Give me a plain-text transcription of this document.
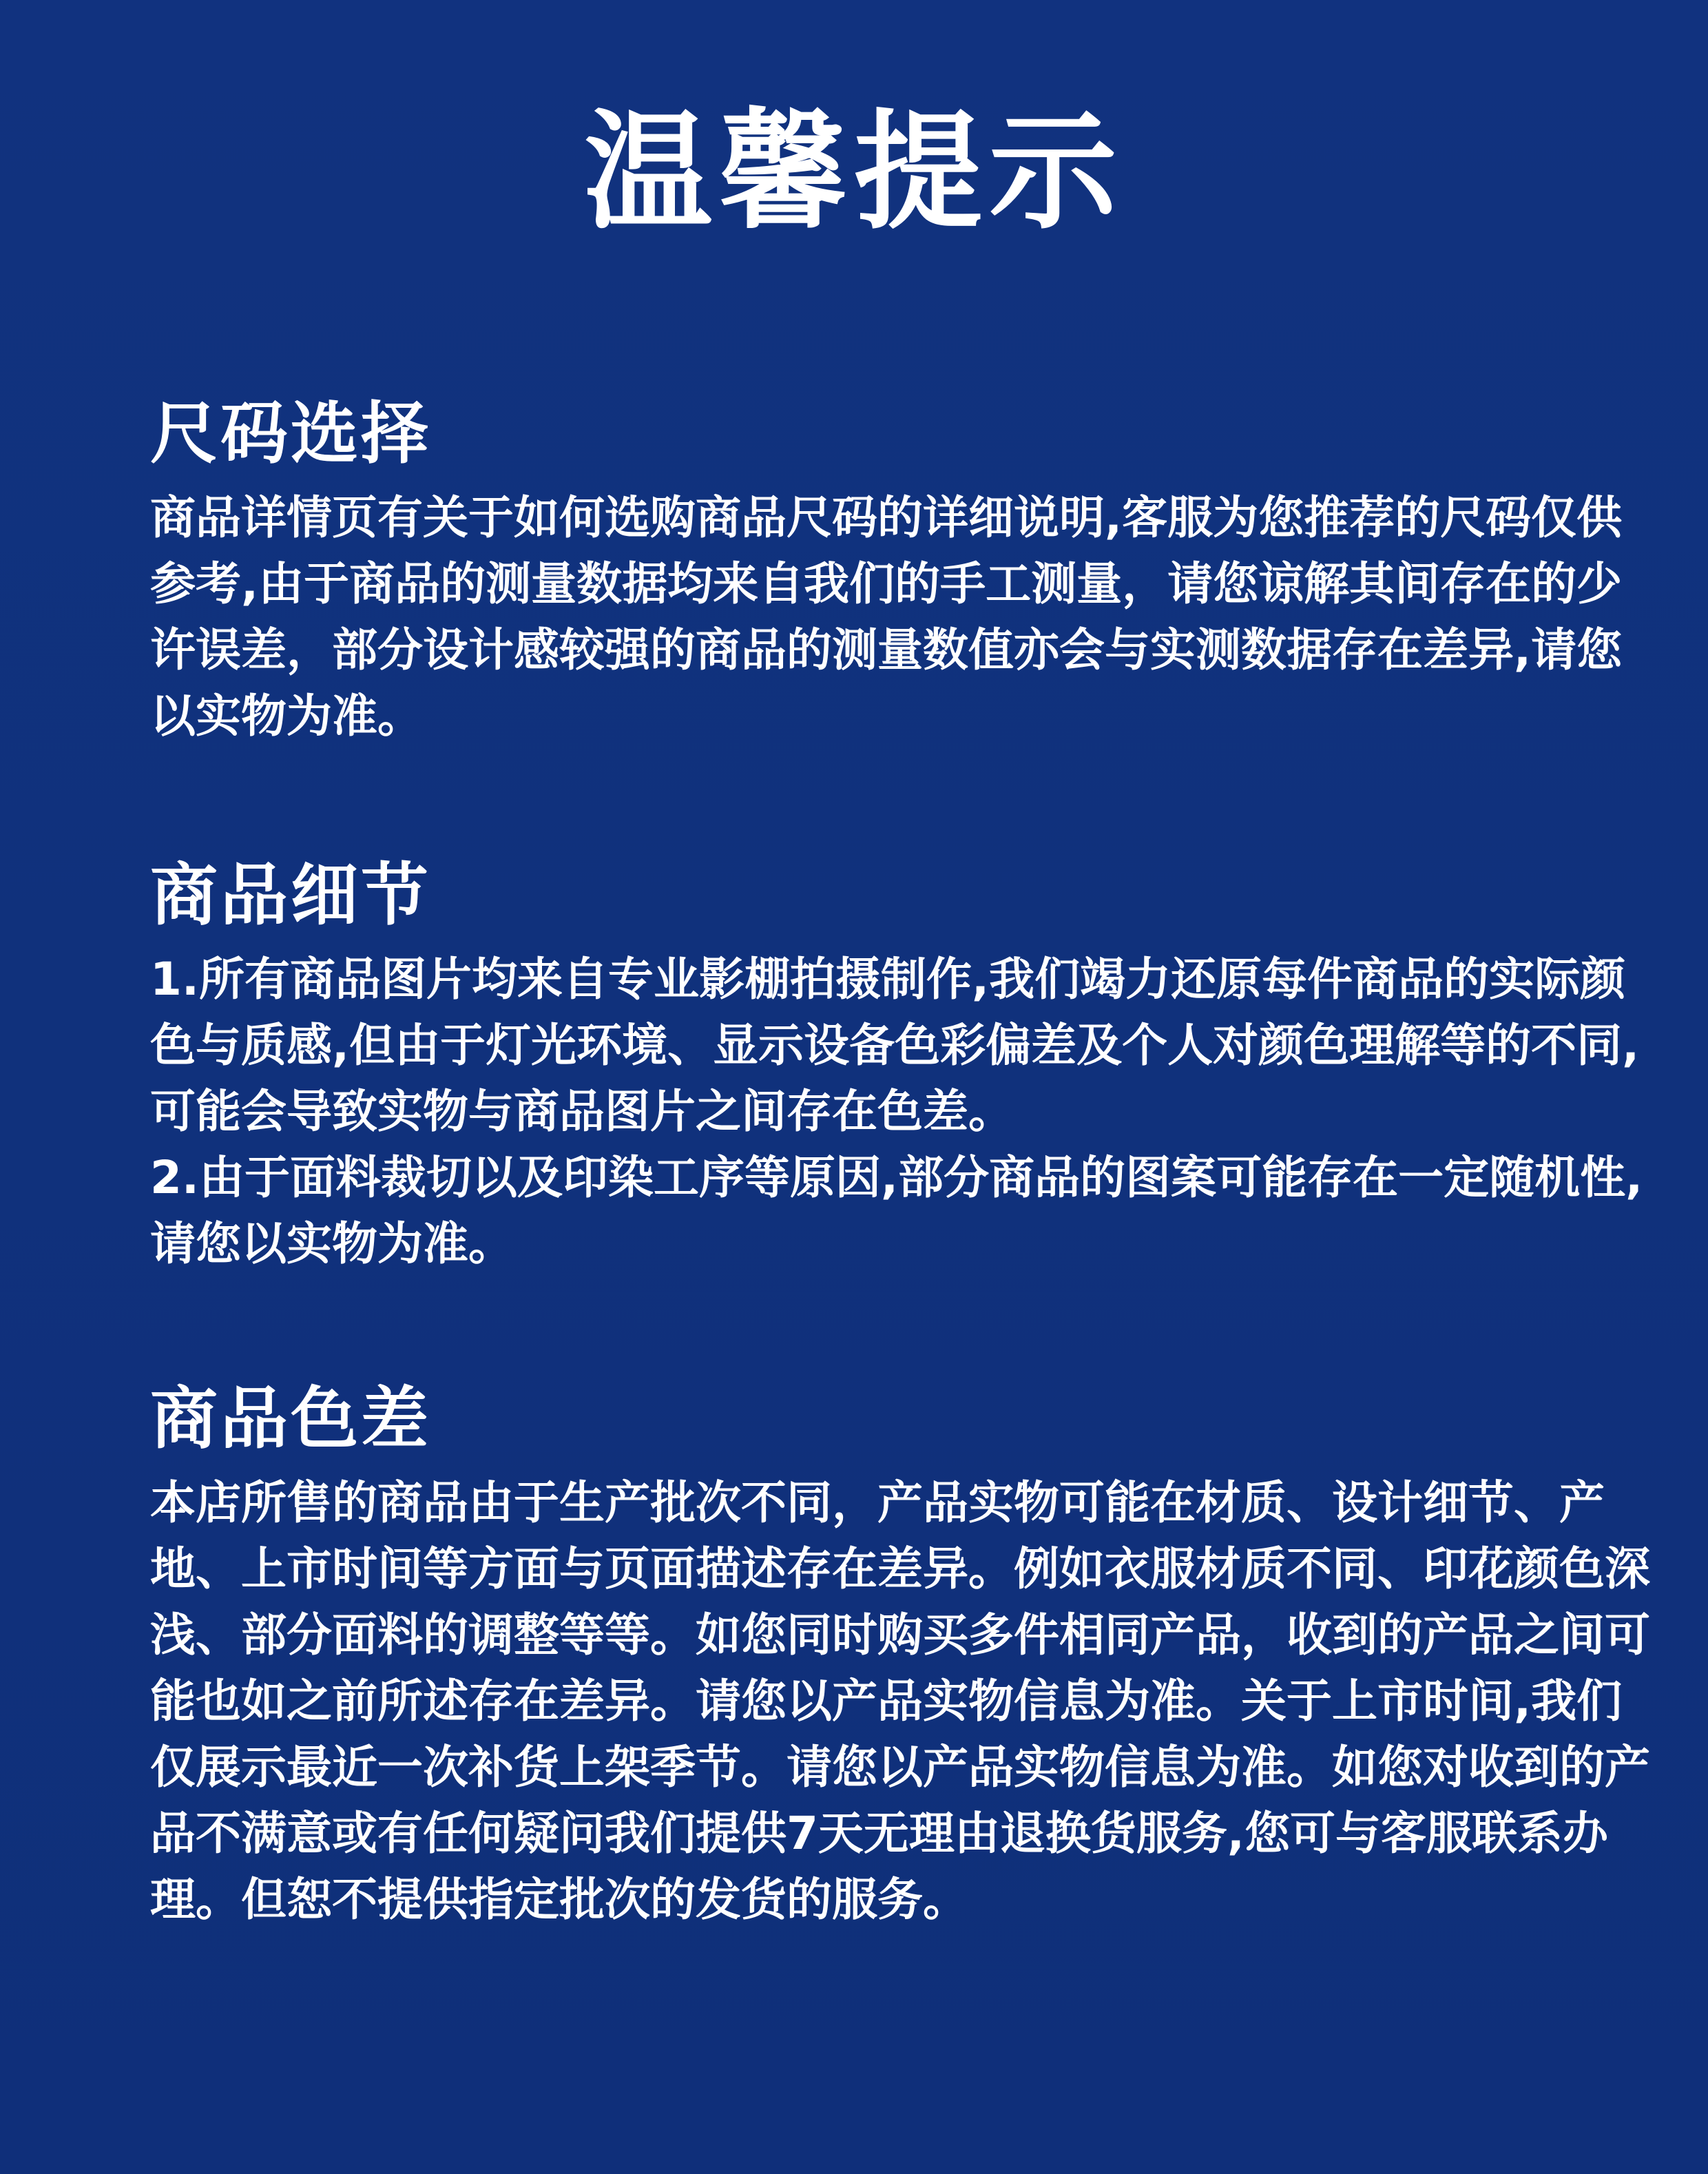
温馨提示
尺码选择

商品详情页有关于如何选购商品尺码的详细说明,客服为您推荐的尺码仅供参考,由于商品的测量数据均来自我们的手工测量，请您谅解其间存在的少许误差，部分设计感较强的商品的测量数值亦会与实测数据存在差异,请您以实物为准。

商品细节

1.所有商品图片均来自专业影棚拍摄制作,我们竭力还原每件商品的实际颜色与质感,但由于灯光环境、显示设备色彩偏差及个人对颜色理解等的不同,可能会导致实物与商品图片之间存在色差。
2.由于面料裁切以及印染工序等原因,部分商品的图案可能存在一定随机性,请您以实物为准。

商品色差

本店所售的商品由于生产批次不同，产品实物可能在材质、设计细节、产地、上市时间等方面与页面描述存在差异。例如衣服材质不同、印花颜色深浅、部分面料的调整等等。如您同时购买多件相同产品，收到的产品之间可能也如之前所述存在差异。请您以产品实物信息为准。关于上市时间,我们仅展示最近一次补货上架季节。请您以产品实物信息为准。如您对收到的产品不满意或有任何疑问我们提供7天无理由退换货服务,您可与客服联系办理。但恕不提供指定批次的发货的服务。
